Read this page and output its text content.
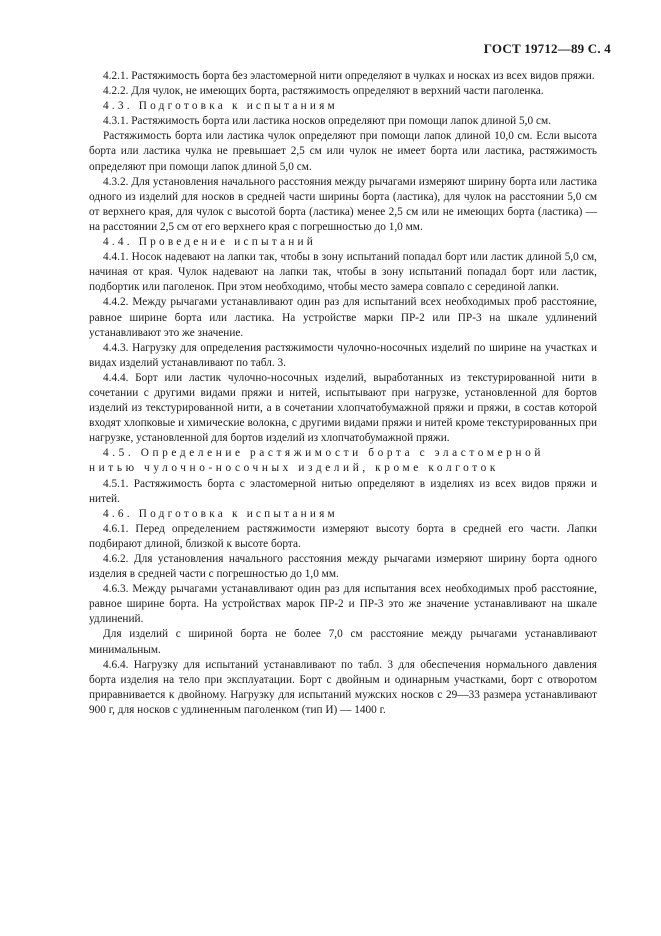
ГОСТ 19712—89 С. 4

4.2.1. Растяжимость борта без эластомерной нити определяют в чулках и носках из всех видов пряжи.

4.2.2. Для чулок, не имеющих борта, растяжимость определяют в верхний части паголенка.

4.3. Подготовка к испытаниям

4.3.1. Растяжимость борта или ластика носков определяют при помощи лапок длиной 5,0 см.

Растяжимость борта или ластика чулок определяют при помощи лапок длиной 10,0 см. Если высота борта или ластика чулка не превышает 2,5 см или чулок не имеет борта или ластика, растяжимость определяют при помощи лапок длиной 5,0 см.

4.3.2. Для установления начального расстояния между рычагами измеряют ширину борта или ластика одного из изделий для носков в средней части ширины борта (ластика), для чулок на расстоянии 5,0 см от верхнего края, для чулок с высотой борта (ластика) менее 2,5 см или не имеющих борта (ластика) — на расстоянии 2,5 см от его верхнего края с погрешностью до 1,0 мм.

4.4. Проведение испытаний

4.4.1. Носок надевают на лапки так, чтобы в зону испытаний попадал борт или ластик длиной 5,0 см, начиная от края. Чулок надевают на лапки так, чтобы в зону испытаний попадал борт или ластик, подбортик или паголенок. При этом необходимо, чтобы место замера совпало с серединой лапки.

4.4.2. Между рычагами устанавливают один раз для испытаний всех необходимых проб расстояние, равное ширине борта или ластика. На устройстве марки ПР-2 или ПР-3 на шкале удлинений устанавливают это же значение.

4.4.3. Нагрузку для определения растяжимости чулочно-носочных изделий по ширине на участках и видах изделий устанавливают по табл. 3.

4.4.4. Борт или ластик чулочно-носочных изделий, выработанных из текстурированной нити в сочетании с другими видами пряжи и нитей, испытывают при нагрузке, установленной для бортов изделий из текстурированной нити, а в сочетании хлопчатобумажной пряжи и пряжи, в состав которой входят хлопковые и химические волокна, с другими видами пряжи и нитей кроме текстурированных при нагрузке, установленной для бортов изделий из хлопчатобумажной пряжи.

4.5. Определение растяжимости борта с эластомерной нитью чулочно-носочных изделий, кроме колготок

4.5.1. Растяжимость борта с эластомерной нитью определяют в изделиях из всех видов пряжи и нитей.

4.6. Подготовка к испытаниям

4.6.1. Перед определением растяжимости измеряют высоту борта в средней его части. Лапки подбирают длиной, близкой к высоте борта.

4.6.2. Для установления начального расстояния между рычагами измеряют ширину борта одного изделия в средней части с погрешностью до 1,0 мм.

4.6.3. Между рычагами устанавливают один раз для испытания всех необходимых проб расстояние, равное ширине борта. На устройствах марок ПР-2 и ПР-3 это же значение устанавливают на шкале удлинений.

Для изделий с шириной борта не более 7,0 см расстояние между рычагами устанавливают минимальным.

4.6.4. Нагрузку для испытаний устанавливают по табл. 3 для обеспечения нормального давления борта изделия на тело при эксплуатации. Борт с двойным и одинарным участками, борт с отворотом приравнивается к двойному. Нагрузку для испытаний мужских носков с 29—33 размера устанавливают 900 г, для носков с удлиненным паголенком (тип И) — 1400 г.
